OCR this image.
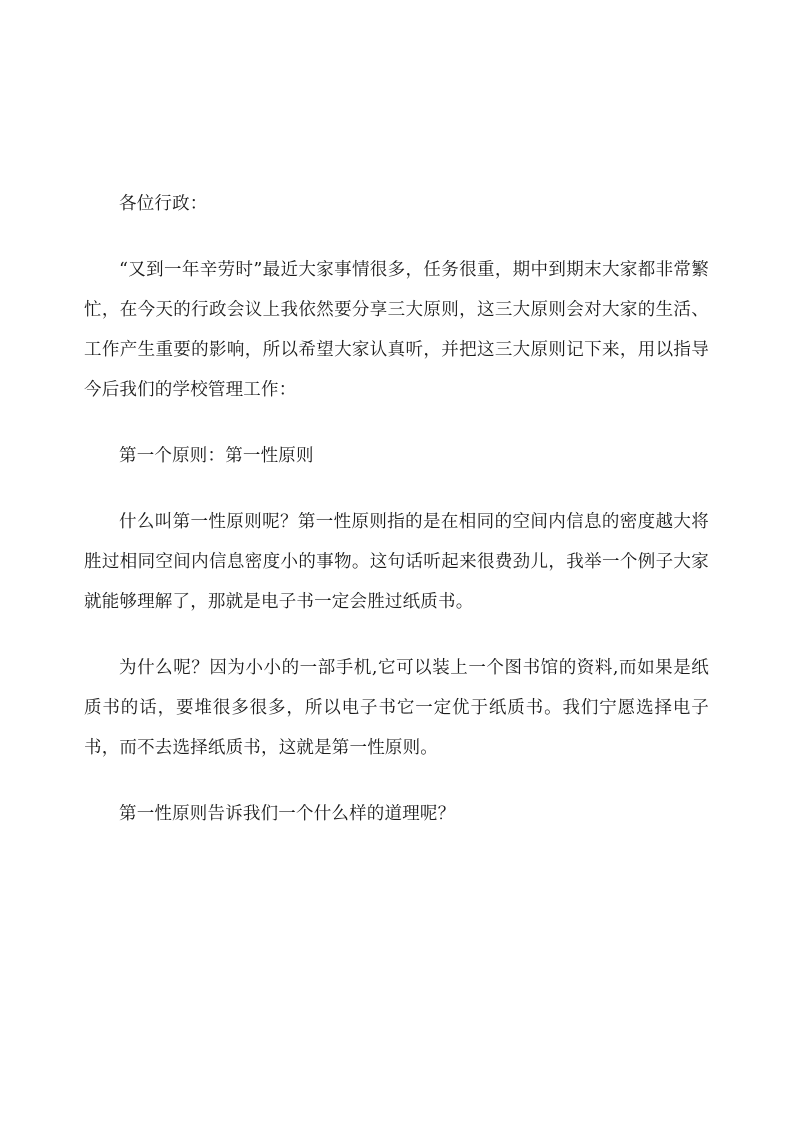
各位行政：

“又到一年辛劳时”最近大家事情很多，任务很重，期中到期末大家都非常繁忙，在今天的行政会议上我依然要分享三大原则，这三大原则会对大家的生活、工作产生重要的影响，所以希望大家认真听，并把这三大原则记下来，用以指导今后我们的学校管理工作：

第一个原则：第一性原则

什么叫第一性原则呢？第一性原则指的是在相同的空间内信息的密度越大将胜过相同空间内信息密度小的事物。这句话听起来很费劲儿，我举一个例子大家就能够理解了，那就是电子书一定会胜过纸质书。

为什么呢？因为小小的一部手机,它可以装上一个图书馆的资料,而如果是纸质书的话，要堆很多很多，所以电子书它一定优于纸质书。我们宁愿选择电子书，而不去选择纸质书，这就是第一性原则。

第一性原则告诉我们一个什么样的道理呢？
